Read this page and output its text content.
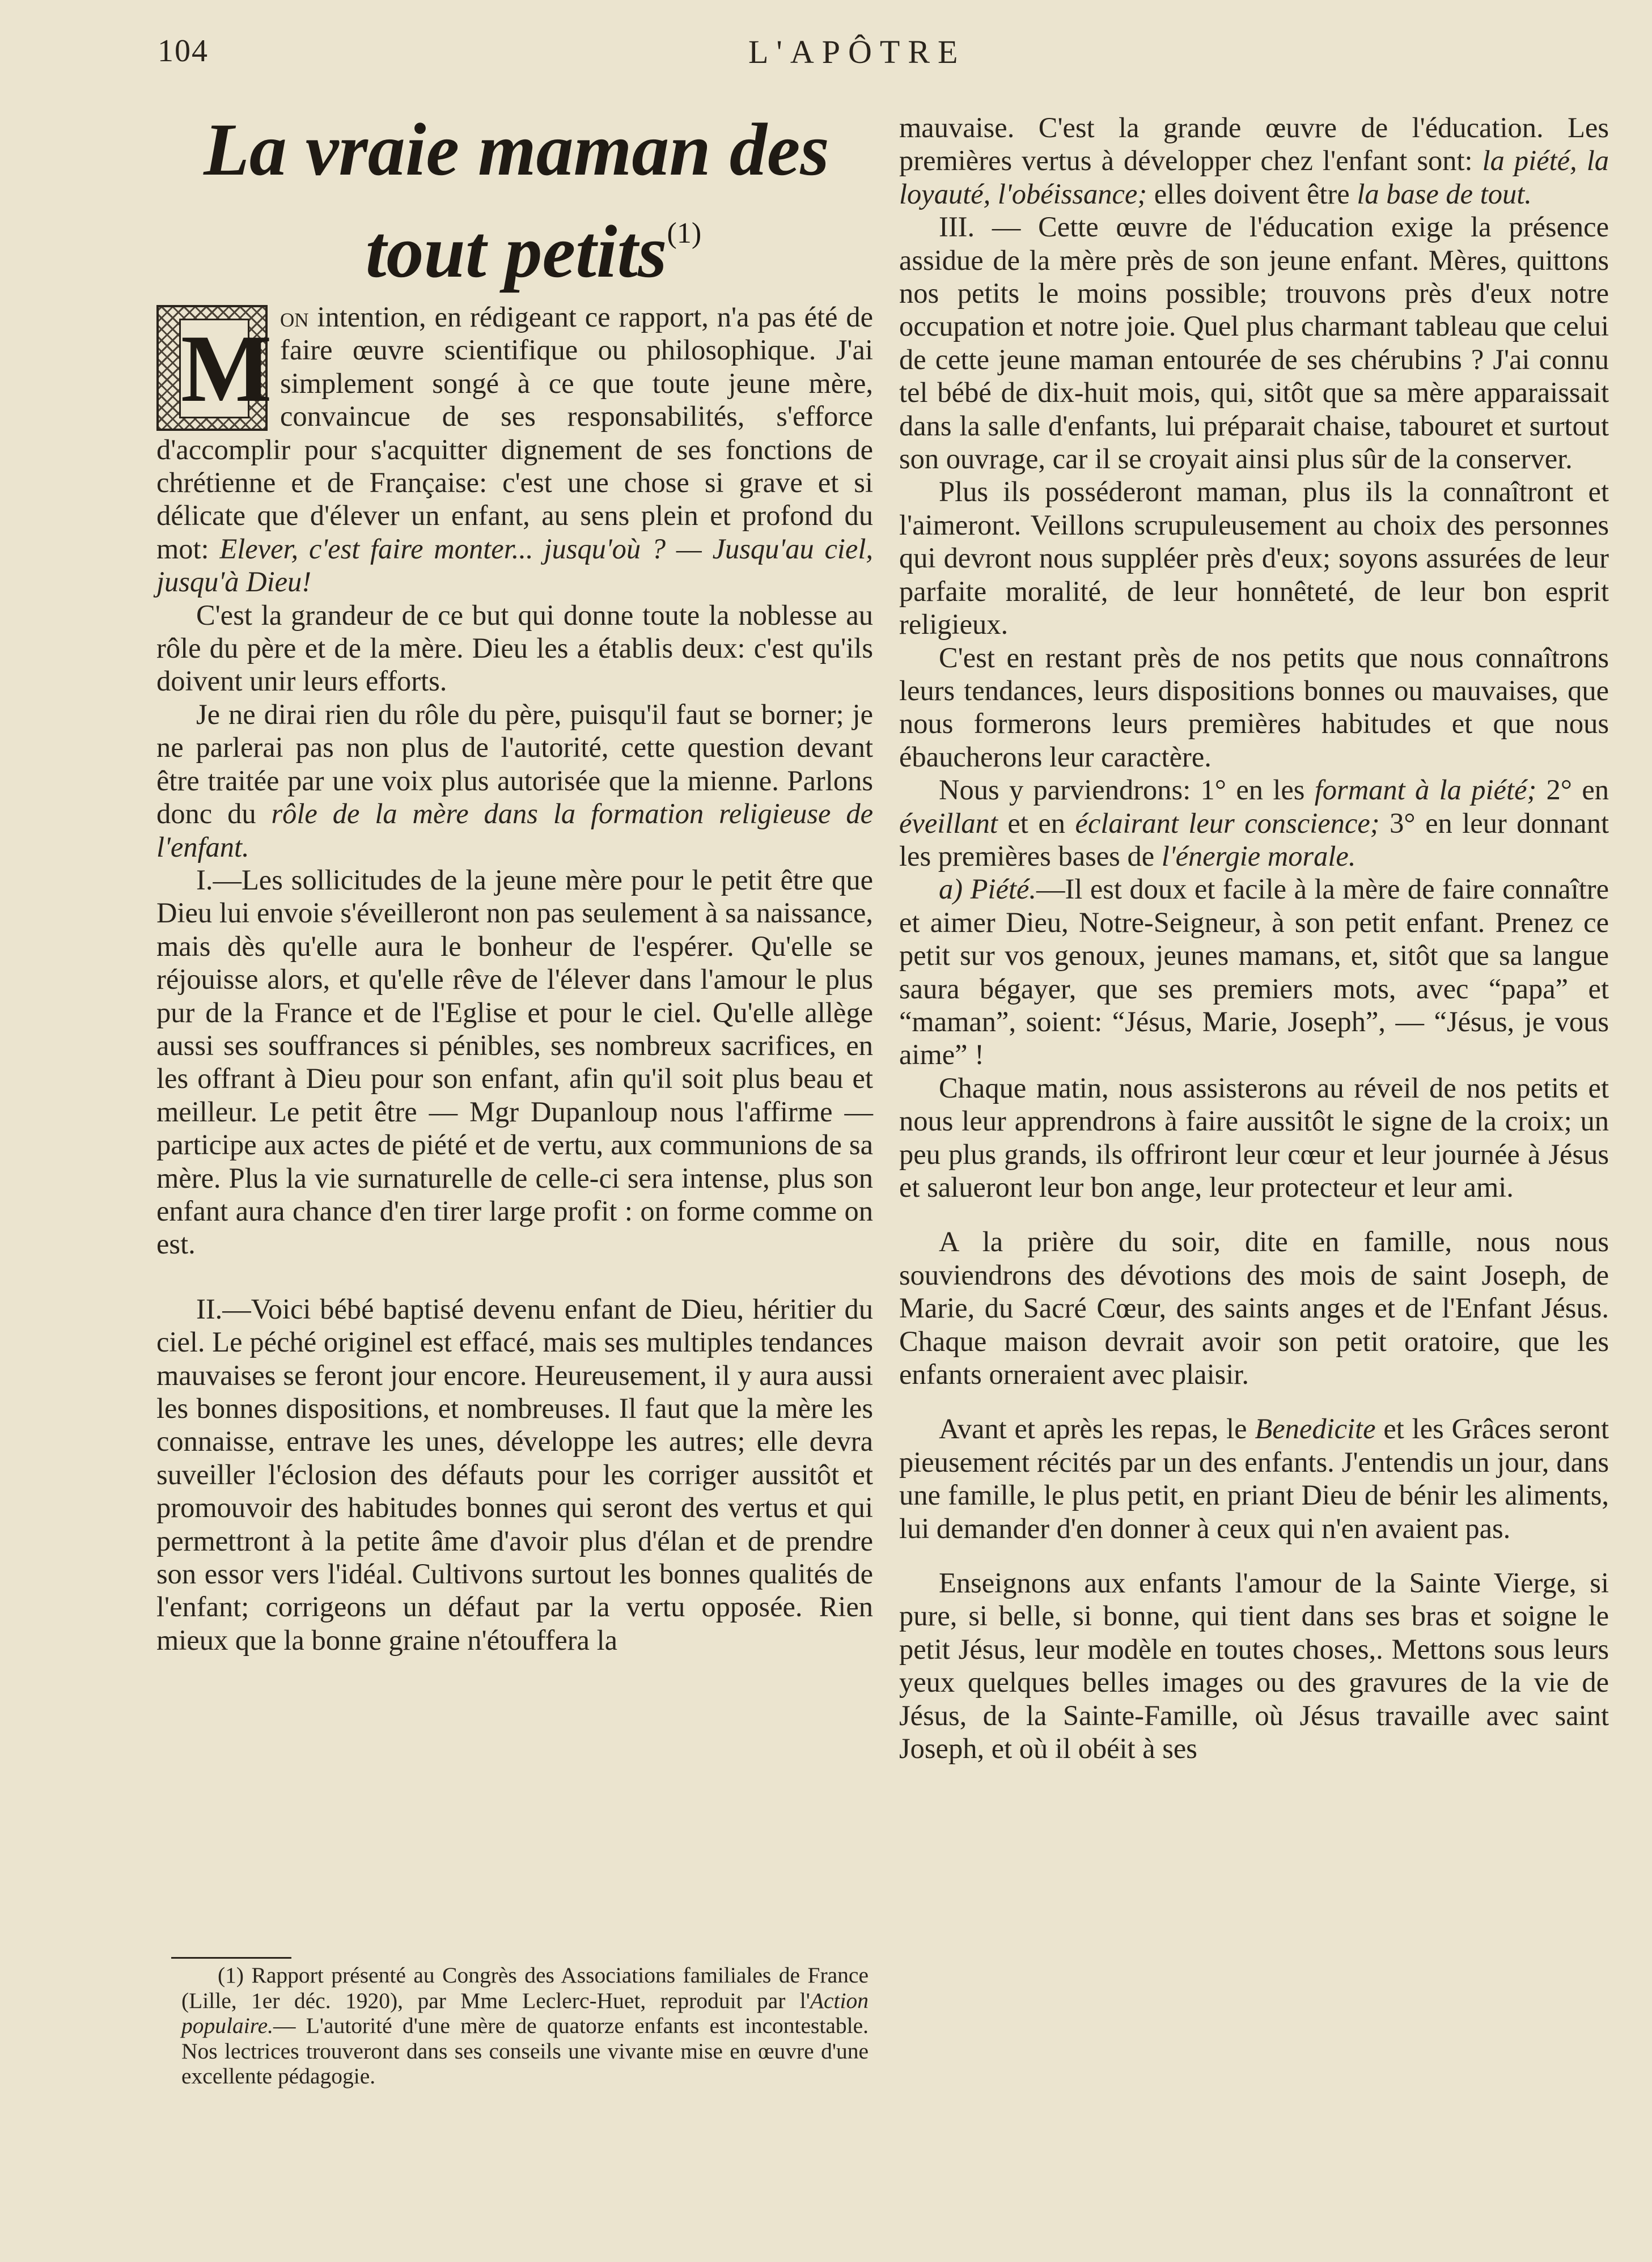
104	L'APÔTRE
La vraie maman des
tout petits$^{(1)}$
M on intention, en rédigeant ce rapport, n'a pas été de faire œuvre scientifique ou philosophique. J'ai simplement songé à ce que toute jeune mère, convaincue de ses responsabilités, s'efforce d'accomplir pour s'acquitter dignement de ses fonctions de chrétienne et de Française: c'est une chose si grave et si délicate que d'élever un enfant, au sens plein et profond du mot: Elever, c'est faire monter... jusqu'où ? — Jusqu'au ciel, jusqu'à Dieu!

C'est la grandeur de ce but qui donne toute la noblesse au rôle du père et de la mère. Dieu les a établis deux: c'est qu'ils doivent unir leurs efforts.

Je ne dirai rien du rôle du père, puisqu'il faut se borner; je ne parlerai pas non plus de l'autorité, cette question devant être traitée par une voix plus autorisée que la mienne. Parlons donc du rôle de la mère dans la formation religieuse de l'enfant.

I.—Les sollicitudes de la jeune mère pour le petit être que Dieu lui envoie s'éveilleront non pas seulement à sa naissance, mais dès qu'elle aura le bonheur de l'espérer. Qu'elle se réjouisse alors, et qu'elle rêve de l'élever dans l'amour le plus pur de la France et de l'Eglise et pour le ciel. Qu'elle allège aussi ses souffrances si pénibles, ses nombreux sacrifices, en les offrant à Dieu pour son enfant, afin qu'il soit plus beau et meilleur. Le petit être — Mgr Dupanloup nous l'affirme — participe aux actes de piété et de vertu, aux communions de sa mère. Plus la vie surnaturelle de celle-ci sera intense, plus son enfant aura chance d'en tirer large profit : on forme comme on est.

II.—Voici bébé baptisé devenu enfant de Dieu, héritier du ciel. Le péché originel est effacé, mais ses multiples tendances mauvaises se feront jour encore. Heureusement, il y aura aussi les bonnes dispositions, et nombreuses. Il faut que la mère les connaisse, entrave les unes, développe les autres; elle devra suveiller l'éclosion des défauts pour les corriger aussitôt et promouvoir des habitudes bonnes qui seront des vertus et qui permettront à la petite âme d'avoir plus d'élan et de prendre son essor vers l'idéal. Cultivons surtout les bonnes qualités de l'enfant; corrigeons un défaut par la vertu opposée. Rien mieux que la bonne graine n'étouffera la

(1) Rapport présenté au Congrès des Associations familiales de France (Lille, 1er déc. 1920), par Mme Leclerc-Huet, reproduit par l'Action populaire.— L'autorité d'une mère de quatorze enfants est incontestable. Nos lectrices trouveront dans ses conseils une vivante mise en œuvre d'une excellente pédagogie.

mauvaise. C'est la grande œuvre de l'éducation. Les premières vertus à développer chez l'enfant sont: la piété, la loyauté, l'obéissance; elles doivent être la base de tout.

III. — Cette œuvre de l'éducation exige la présence assidue de la mère près de son jeune enfant. Mères, quittons nos petits le moins possible; trouvons près d'eux notre occupation et notre joie. Quel plus charmant tableau que celui de cette jeune maman entourée de ses chérubins ? J'ai connu tel bébé de dix-huit mois, qui, sitôt que sa mère apparaissait dans la salle d'enfants, lui préparait chaise, tabouret et surtout son ouvrage, car il se croyait ainsi plus sûr de la conserver.

Plus ils posséderont maman, plus ils la connaîtront et l'aimeront. Veillons scrupuleusement au choix des personnes qui devront nous suppléer près d'eux; soyons assurées de leur parfaite moralité, de leur honnêteté, de leur bon esprit religieux.

C'est en restant près de nos petits que nous connaîtrons leurs tendances, leurs dispositions bonnes ou mauvaises, que nous formerons leurs premières habitudes et que nous ébaucherons leur caractère.

Nous y parviendrons: 1° en les formant à la piété; 2° en éveillant et en éclairant leur conscience; 3° en leur donnant les premières bases de l'énergie morale.

a) Piété.—Il est doux et facile à la mère de faire connaître et aimer Dieu, Notre-Seigneur, à son petit enfant. Prenez ce petit sur vos genoux, jeunes mamans, et, sitôt que sa langue saura bégayer, que ses premiers mots, avec “papa” et “maman”, soient: “Jésus, Marie, Joseph”, — “Jésus, je vous aime” !

Chaque matin, nous assisterons au réveil de nos petits et nous leur apprendrons à faire aussitôt le signe de la croix; un peu plus grands, ils offriront leur cœur et leur journée à Jésus et salueront leur bon ange, leur protecteur et leur ami.

A la prière du soir, dite en famille, nous nous souviendrons des dévotions des mois de saint Joseph, de Marie, du Sacré Cœur, des saints anges et de l'Enfant Jésus. Chaque maison devrait avoir son petit oratoire, que les enfants orneraient avec plaisir.

Avant et après les repas, le Benedicite et les Grâces seront pieusement récités par un des enfants. J'entendis un jour, dans une famille, le plus petit, en priant Dieu de bénir les aliments, lui demander d'en donner à ceux qui n'en avaient pas.

Enseignons aux enfants l'amour de la Sainte Vierge, si pure, si belle, si bonne, qui tient dans ses bras et soigne le petit Jésus, leur modèle en toutes choses,. Mettons sous leurs yeux quelques belles images ou des gravures de la vie de Jésus, de la Sainte-Famille, où Jésus travaille avec saint Joseph, et où il obéit à ses
